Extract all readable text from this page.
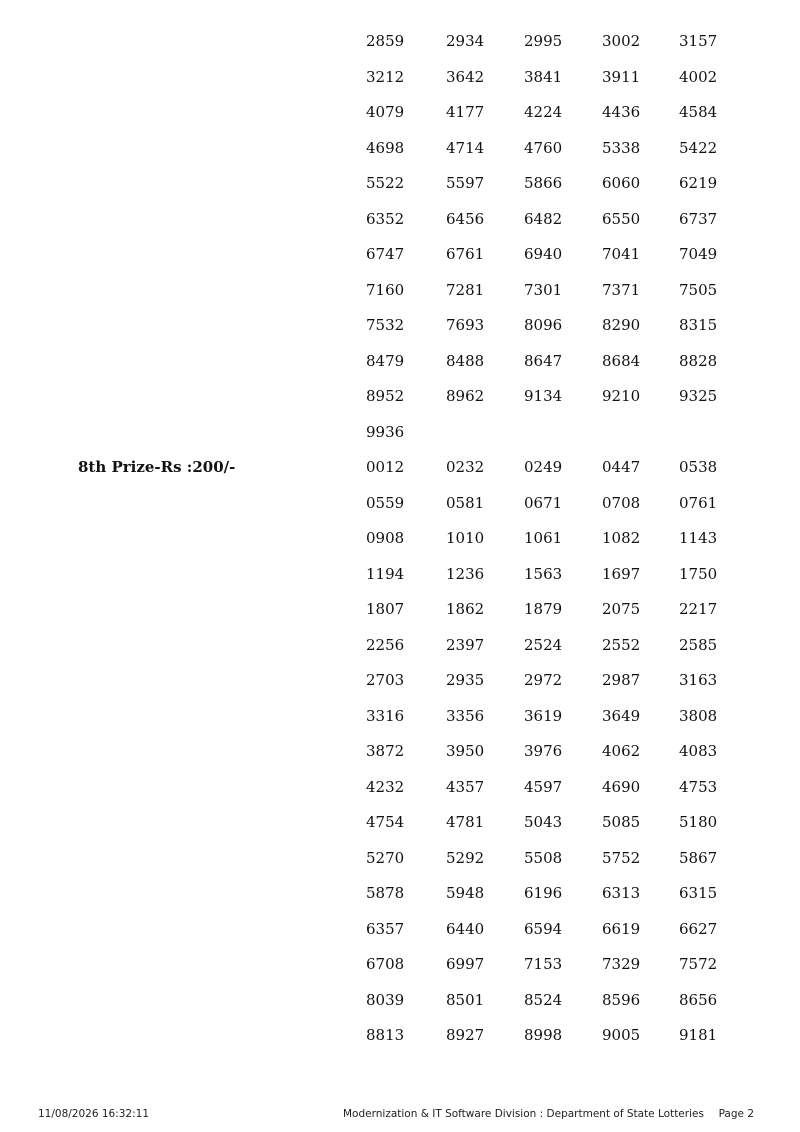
8th Prize-Rs :200/-
2859	2934	2995	3002	3157
3212	3642	3841	3911	4002
4079	4177	4224	4436	4584
4698	4714	4760	5338	5422
5522	5597	5866	6060	6219
6352	6456	6482	6550	6737
6747	6761	6940	7041	7049
7160	7281	7301	7371	7505
7532	7693	8096	8290	8315
8479	8488	8647	8684	8828
8952	8962	9134	9210	9325
9936
0012	0232	0249	0447	0538
0559	0581	0671	0708	0761
0908	1010	1061	1082	1143
1194	1236	1563	1697	1750
1807	1862	1879	2075	2217
2256	2397	2524	2552	2585
2703	2935	2972	2987	3163
3316	3356	3619	3649	3808
3872	3950	3976	4062	4083
4232	4357	4597	4690	4753
4754	4781	5043	5085	5180
5270	5292	5508	5752	5867
5878	5948	6196	6313	6315
6357	6440	6594	6619	6627
6708	6997	7153	7329	7572
8039	8501	8524	8596	8656
8813	8927	8998	9005	9181
11/08/2026 16:32:11	Modernization & IT Software Division : Department of State Lotteries Page 2
